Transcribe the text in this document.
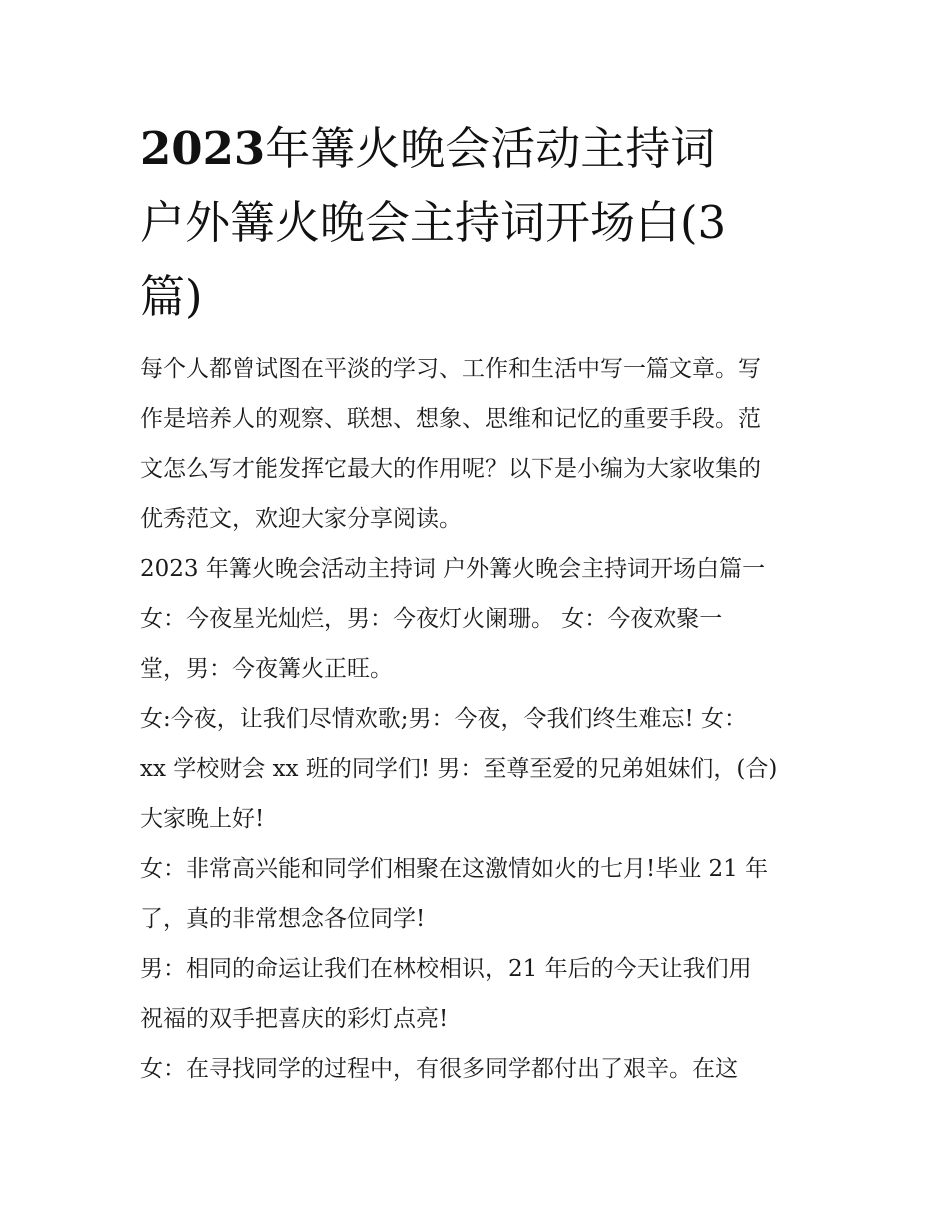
2023年篝火晚会活动主持词
户外篝火晚会主持词开场白(3
篇)

每个人都曾试图在平淡的学习、工作和生活中写一篇文章。写
作是培养人的观察、联想、想象、思维和记忆的重要手段。范
文怎么写才能发挥它最大的作用呢？以下是小编为大家收集的
优秀范文，欢迎大家分享阅读。

2023 年篝火晚会活动主持词 户外篝火晚会主持词开场白篇一

女：今夜星光灿烂，男：今夜灯火阑珊。 女：今夜欢聚一
堂，男：今夜篝火正旺。

女:今夜，让我们尽情欢歌;男：今夜，令我们终生难忘! 女：
xx 学校财会 xx 班的同学们! 男：至尊至爱的兄弟姐妹们，(合)
大家晚上好!

女：非常高兴能和同学们相聚在这激情如火的七月!毕业 21 年
了，真的非常想念各位同学!

男：相同的命运让我们在林校相识，21 年后的今天让我们用
祝福的双手把喜庆的彩灯点亮!

女：在寻找同学的过程中，有很多同学都付出了艰辛。在这
